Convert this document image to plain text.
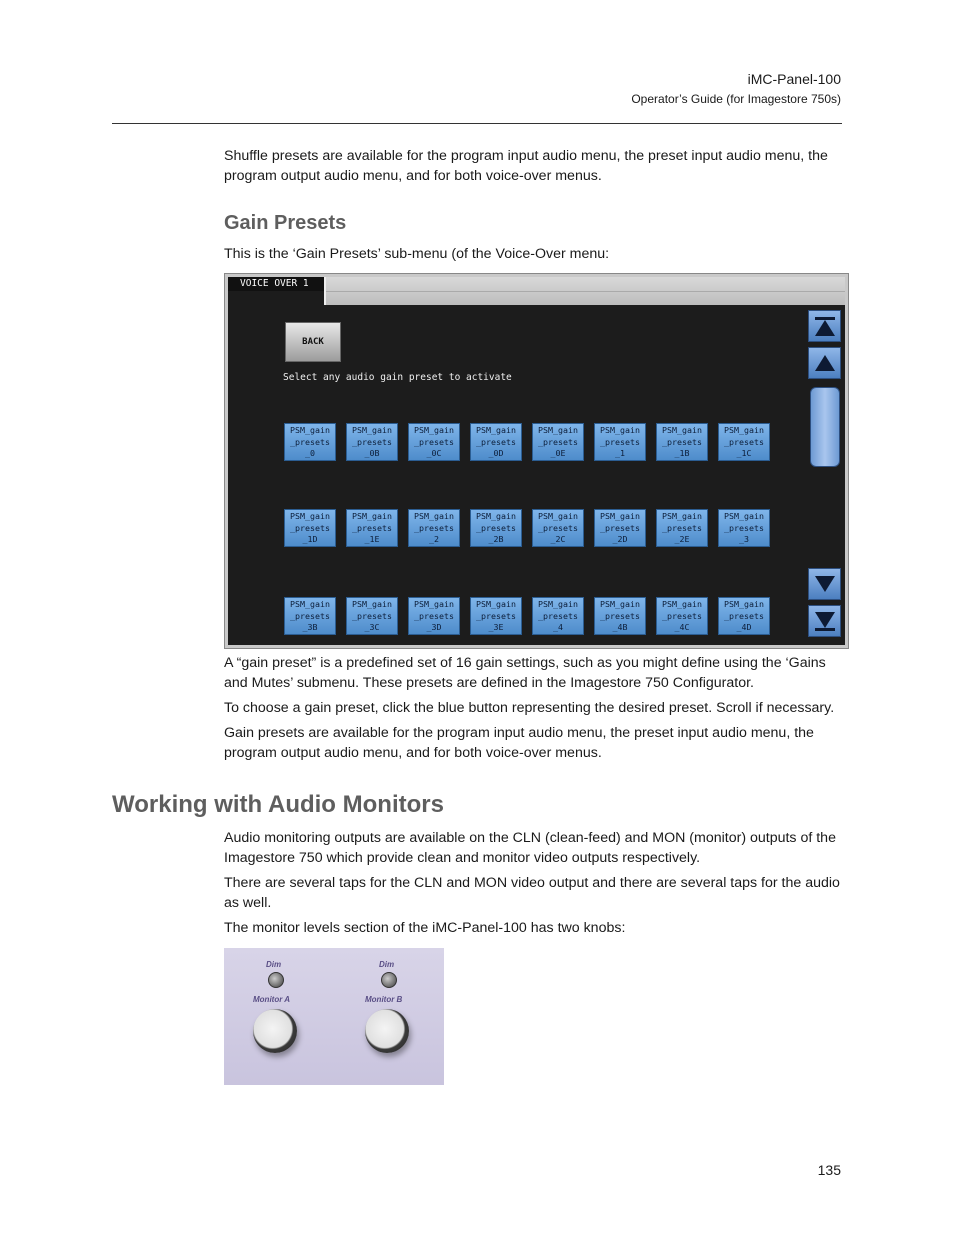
iMC-Panel-100
Operator’s Guide (for Imagestore 750s)

Shuffle presets are available for the program input audio menu, the preset input audio menu, the program output audio menu, and for both voice-over menus.

Gain Presets

This is the ‘Gain Presets’ sub-menu (of the Voice-Over menu:

VOICE OVER 1
BACK
Select any audio gain preset to activate
PSM_gain
_presets
_0
PSM_gain
_presets
_0B
PSM_gain
_presets
_0C
PSM_gain
_presets
_0D
PSM_gain
_presets
_0E
PSM_gain
_presets
_1
PSM_gain
_presets
_1B
PSM_gain
_presets
_1C
PSM_gain
_presets
_1D
PSM_gain
_presets
_1E
PSM_gain
_presets
_2
PSM_gain
_presets
_2B
PSM_gain
_presets
_2C
PSM_gain
_presets
_2D
PSM_gain
_presets
_2E
PSM_gain
_presets
_3
PSM_gain
_presets
_3B
PSM_gain
_presets
_3C
PSM_gain
_presets
_3D
PSM_gain
_presets
_3E
PSM_gain
_presets
_4
PSM_gain
_presets
_4B
PSM_gain
_presets
_4C
PSM_gain
_presets
_4D

A “gain preset” is a predefined set of 16 gain settings, such as you might define using the ‘Gains and Mutes’ submenu. These presets are defined in the Imagestore 750 Configurator.

To choose a gain preset, click the blue button representing the desired preset. Scroll if necessary.

Gain presets are available for the program input audio menu, the preset input audio menu, the program output audio menu, and for both voice-over menus.

Working with Audio Monitors

Audio monitoring outputs are available on the CLN (clean-feed) and MON (monitor) outputs of the Imagestore 750 which provide clean and monitor video outputs respectively.

There are several taps for the CLN and MON video output and there are several taps for the audio as well.

The monitor levels section of the iMC-Panel-100 has two knobs:

Dim
Monitor A
Dim
Monitor B
135
